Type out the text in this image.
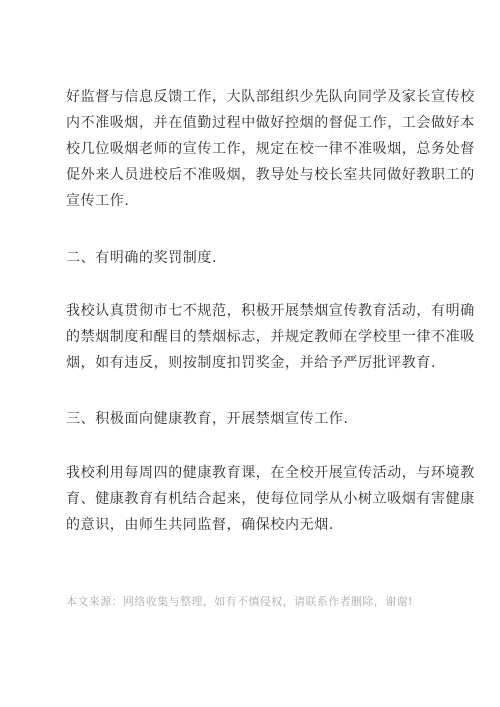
好监督与信息反馈工作，大队部组织少先队向同学及家长宣传校
内不准吸烟，并在值勤过程中做好控烟的督促工作，工会做好本
校几位吸烟老师的宣传工作，规定在校一律不准吸烟，总务处督
促外来人员进校后不准吸烟，教导处与校长室共同做好教职工的
宣传工作.
二、有明确的奖罚制度.
我校认真贯彻市七不规范，积极开展禁烟宣传教育活动，有明确
的禁烟制度和醒目的禁烟标志，并规定教师在学校里一律不准吸
烟，如有违反，则按制度扣罚奖金，并给予严厉批评教育.
三、积极面向健康教育，开展禁烟宣传工作.
我校利用每周四的健康教育课，在全校开展宣传活动，与环境教
育、健康教育有机结合起来，使每位同学从小树立吸烟有害健康
的意识，由师生共同监督，确保校内无烟.
本文来源：网络收集与整理，如有不慎侵权，请联系作者删除，谢谢!
